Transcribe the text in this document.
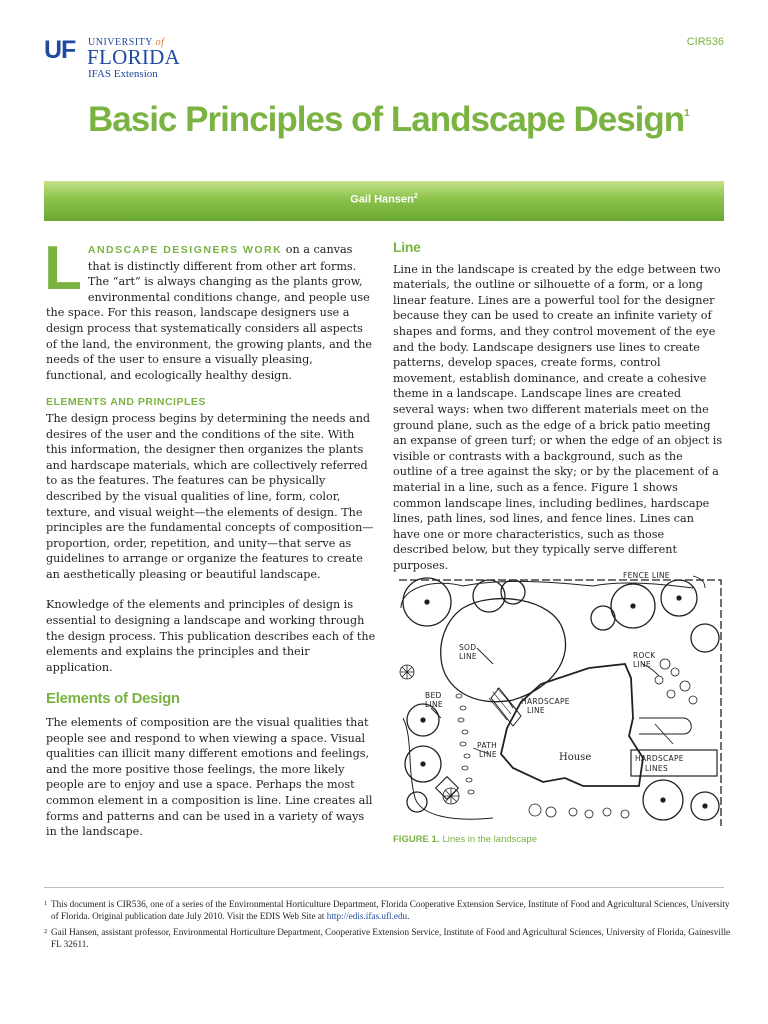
UF UNIVERSITY of
FLORIDA
IFAS Extension
CIR536
Basic Principles of Landscape Design$^1$
Gail Hansen$^2$

LANDSCAPE DESIGNERS WORK on a canvas that is distinctly different from other art forms. The “art” is always changing as the plants grow, environmental conditions change, and people use the space. For this reason, landscape designers use a design process that systematically considers all aspects of the land, the environment, the growing plants, and the needs of the user to ensure a visually pleasing, functional, and ecologically healthy design.

ELEMENTS AND PRINCIPLES

The design process begins by determining the needs and desires of the user and the conditions of the site. With this information, the designer then organizes the plants and hardscape materials, which are collectively referred to as the features. The features can be physically described by the visual qualities of line, form, color, texture, and visual weight—the elements of design. The principles are the fundamental concepts of composition—proportion, order, repetition, and unity—that serve as guidelines to arrange or organize the features to create an aesthetically pleasing or beautiful landscape.

Knowledge of the elements and principles of design is essential to designing a landscape and working through the design process. This publication describes each of the elements and explains the principles and their application.

Elements of Design

The elements of composition are the visual qualities that people see and respond to when viewing a space. Visual qualities can illicit many different emotions and feelings, and the more positive those feelings, the more likely people are to enjoy and use a space. Perhaps the most common element in a composition is line. Line creates all forms and patterns and can be used in a variety of ways in the landscape.

Line

Line in the landscape is created by the edge between two materials, the outline or silhouette of a form, or a long linear feature. Lines are a powerful tool for the designer because they can be used to create an infinite variety of shapes and forms, and they control movement of the eye and the body. Landscape designers use lines to create patterns, develop spaces, create forms, control movement, establish dominance, and create a cohesive theme in a landscape. Landscape lines are created several ways: when two different materials meet on the ground plane, such as the edge of a brick patio meeting an expanse of green turf; or when the edge of an object is visible or contrasts with a background, such as the outline of a tree against the sky; or by the placement of a material in a line, such as a fence. Figure 1 shows common landscape lines, including bedlines, hardscape lines, path lines, sod lines, and fence lines. Lines can have one or more characteristics, such as those described below, but they typically serve different purposes.

FENCE LINE
SOD
LINE	ROCK
LINE
BED
LINE	HARDSCAPE
LINE
PATH
LINE	HARDSCAPE
LINES
House
FIGURE 1. Lines in the landscape
1 This document is CIR536, one of a series of the Environmental Horticulture Department, Florida Cooperative Extension Service, Institute of Food and Agricultural Sciences, University of Florida. Original publication date July 2010. Visit the EDIS Web Site at http://edis.ifas.ufl.edu.
2 Gail Hansen, assistant professor, Environmental Horticulture Department, Cooperative Extension Service, Institute of Food and Agricultural Sciences, University of Florida, Gainesville FL 32611.
